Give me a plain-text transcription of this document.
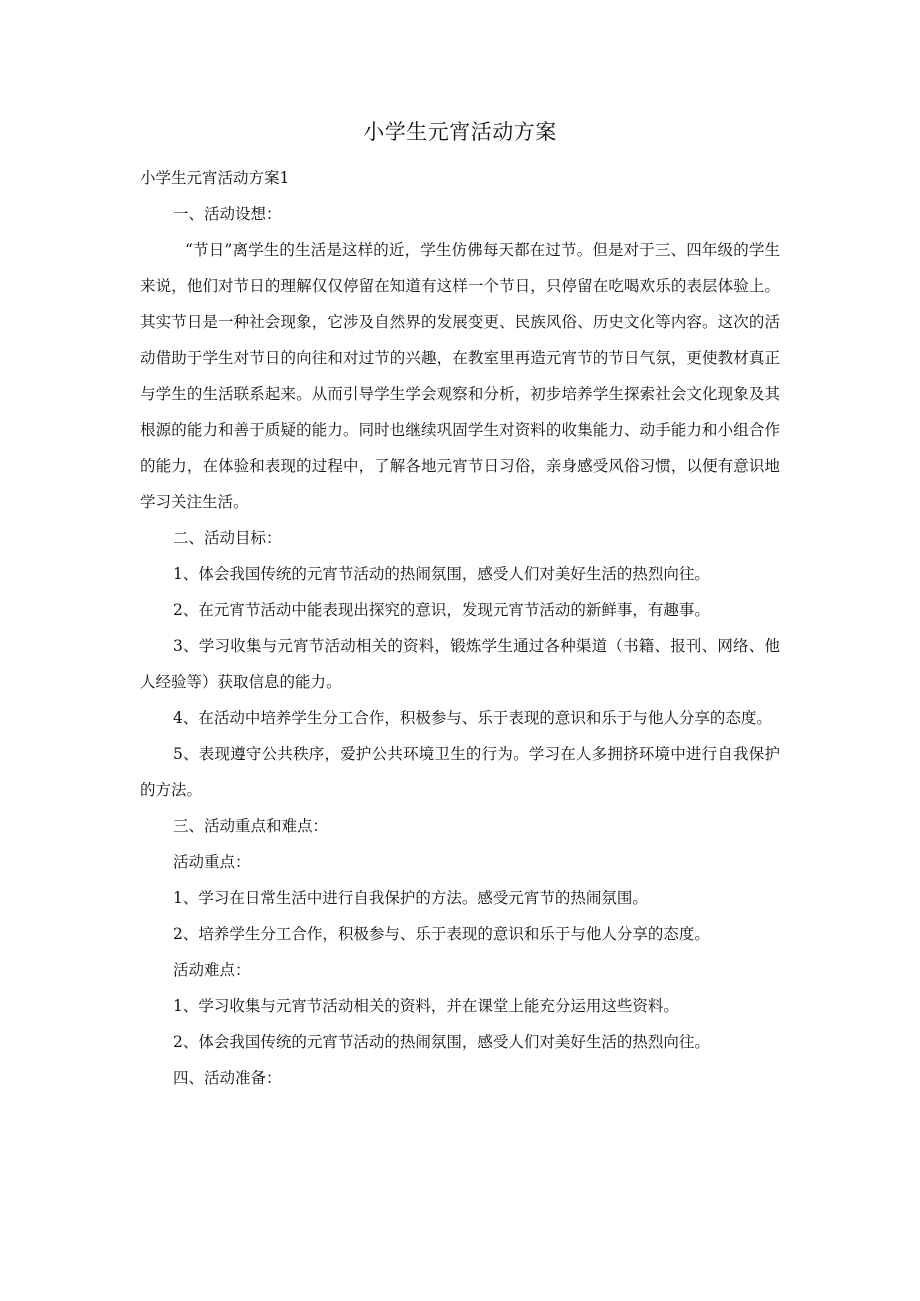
小学生元宵活动方案

小学生元宵活动方案1

一、活动设想：

“节日”离学生的生活是这样的近，学生仿佛每天都在过节。但是对于三、四年级的学生来说，他们对节日的理解仅仅停留在知道有这样一个节日，只停留在吃喝欢乐的表层体验上。其实节日是一种社会现象，它涉及自然界的发展变更、民族风俗、历史文化等内容。这次的活动借助于学生对节日的向往和对过节的兴趣，在教室里再造元宵节的节日气氛，更使教材真正与学生的生活联系起来。从而引导学生学会观察和分析，初步培养学生探索社会文化现象及其根源的能力和善于质疑的能力。同时也继续巩固学生对资料的收集能力、动手能力和小组合作的能力，在体验和表现的过程中，了解各地元宵节日习俗，亲身感受风俗习惯，以便有意识地学习关注生活。

二、活动目标：

1、体会我国传统的元宵节活动的热闹氛围，感受人们对美好生活的热烈向往。

2、在元宵节活动中能表现出探究的意识，发现元宵节活动的新鲜事，有趣事。

3、学习收集与元宵节活动相关的资料，锻炼学生通过各种渠道（书籍、报刊、网络、他人经验等）获取信息的能力。

4、在活动中培养学生分工合作，积极参与、乐于表现的意识和乐于与他人分享的态度。

5、表现遵守公共秩序，爱护公共环境卫生的行为。学习在人多拥挤环境中进行自我保护的方法。

三、活动重点和难点：

活动重点：

1、学习在日常生活中进行自我保护的方法。感受元宵节的热闹氛围。

2、培养学生分工合作，积极参与、乐于表现的意识和乐于与他人分享的态度。

活动难点：

1、学习收集与元宵节活动相关的资料，并在课堂上能充分运用这些资料。

2、体会我国传统的元宵节活动的热闹氛围，感受人们对美好生活的热烈向往。

四、活动准备：
